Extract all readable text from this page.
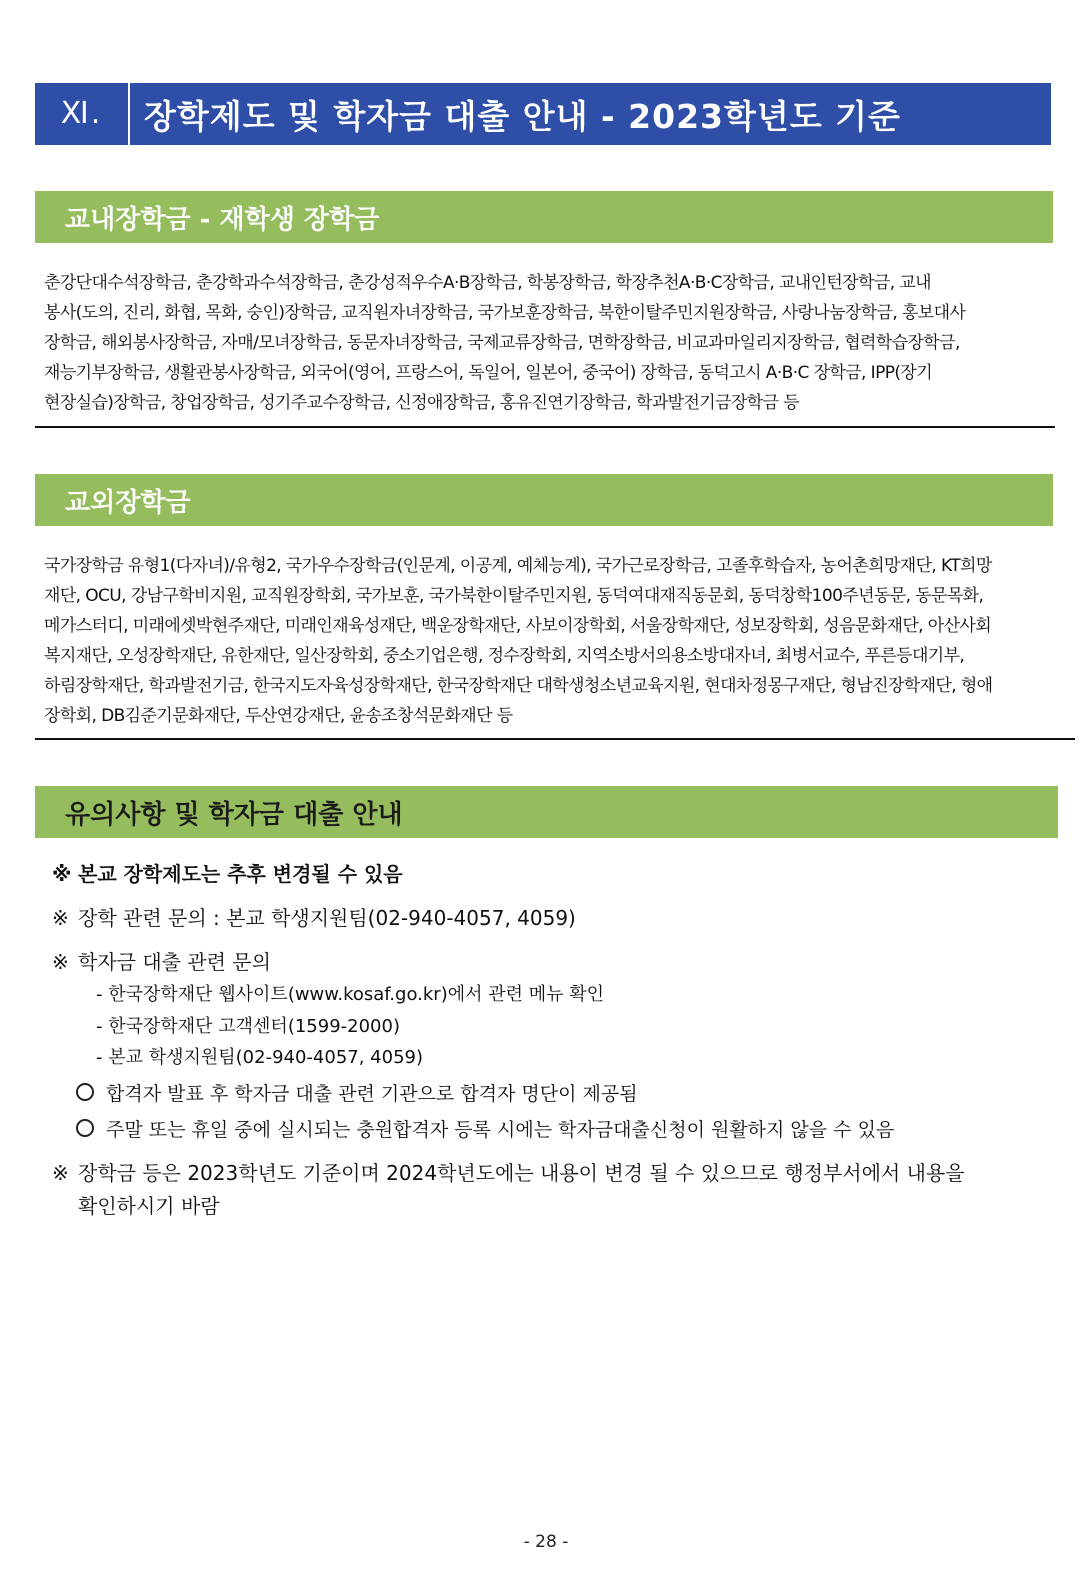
Ⅺ.	장학제도 및 학자금 대출 안내 - 2023학년도 기준
교내장학금 - 재학생 장학금
춘강단대수석장학금, 춘강학과수석장학금, 춘강성적우수A·B장학금, 학봉장학금, 학장추천A·B·C장학금, 교내인턴장학금, 교내
봉사(도의, 진리, 화협, 목화, 숭인)장학금, 교직원자녀장학금, 국가보훈장학금, 북한이탈주민지원장학금, 사랑나눔장학금, 홍보대사
장학금, 해외봉사장학금, 자매/모녀장학금, 동문자녀장학금, 국제교류장학금, 면학장학금, 비교과마일리지장학금, 협력학습장학금,
재능기부장학금, 생활관봉사장학금, 외국어(영어, 프랑스어, 독일어, 일본어, 중국어) 장학금, 동덕고시 A·B·C 장학금, IPP(장기
현장실습)장학금, 창업장학금, 성기주교수장학금, 신정애장학금, 홍유진연기장학금, 학과발전기금장학금 등
교외장학금
국가장학금 유형1(다자녀)/유형2, 국가우수장학금(인문계, 이공계, 예체능계), 국가근로장학금, 고졸후학습자, 농어촌희망재단, KT희망
재단, OCU, 강남구학비지원, 교직원장학회, 국가보훈, 국가북한이탈주민지원, 동덕여대재직동문회, 동덕창학100주년동문, 동문목화,
메가스터디, 미래에셋박현주재단, 미래인재육성재단, 백운장학재단, 사보이장학회, 서울장학재단, 성보장학회, 성음문화재단, 아산사회
복지재단, 오성장학재단, 유한재단, 일산장학회, 중소기업은행, 정수장학회, 지역소방서의용소방대자녀, 최병서교수, 푸른등대기부,
하림장학재단, 학과발전기금, 한국지도자육성장학재단, 한국장학재단 대학생청소년교육지원, 현대차정몽구재단, 형남진장학재단, 형애
장학회, DB김준기문화재단, 두산연강재단, 윤송조창석문화재단 등
유의사항 및 학자금 대출 안내
※ 본교 장학제도는 추후 변경될 수 있음
※ 장학 관련 문의 : 본교 학생지원팀(02-940-4057, 4059)
※ 학자금 대출 관련 문의
- 한국장학재단 웹사이트(www.kosaf.go.kr)에서 관련 메뉴 확인
- 한국장학재단 고객센터(1599-2000)
- 본교 학생지원팀(02-940-4057, 4059)
합격자 발표 후 학자금 대출 관련 기관으로 합격자 명단이 제공됨
주말 또는 휴일 중에 실시되는 충원합격자 등록 시에는 학자금대출신청이 원활하지 않을 수 있음
※ 장학금 등은 2023학년도 기준이며 2024학년도에는 내용이 변경 될 수 있으므로 행정부서에서 내용을
확인하시기 바람
- 28 -
